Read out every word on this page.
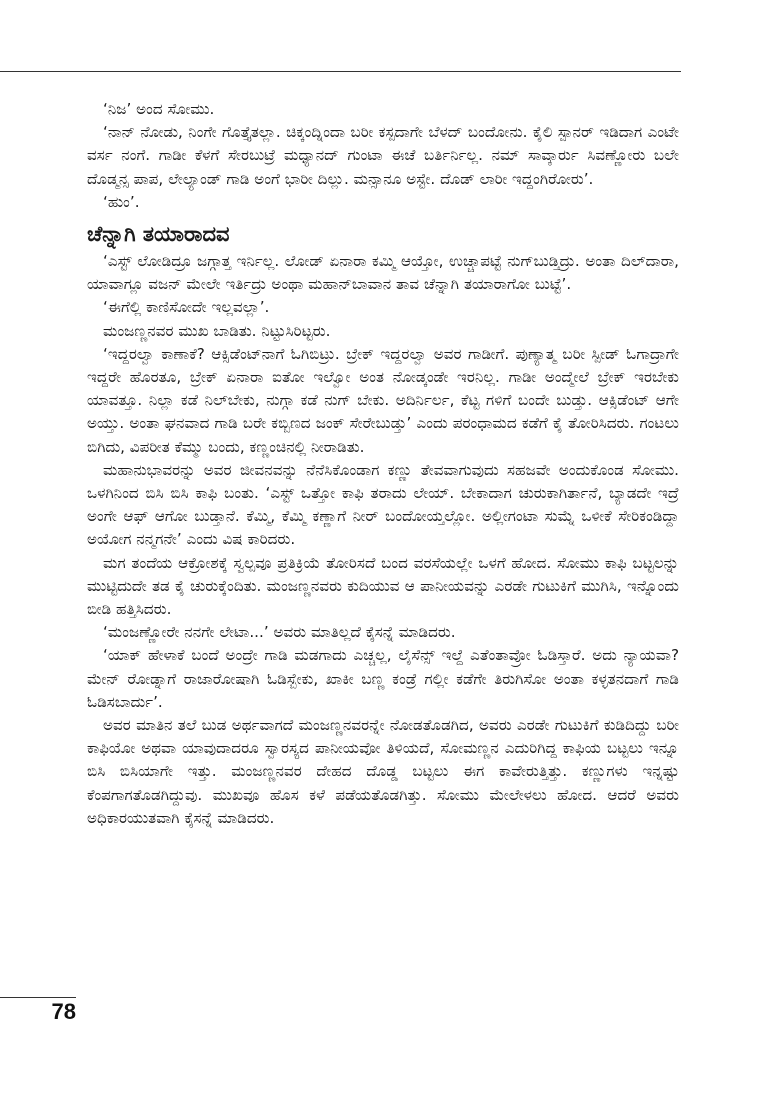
‘ನಿಜ’ ಅಂದ ಸೋಮು.

‘ನಾನ್ ನೋಡು, ನಿಂಗೇ ಗೊತ್ತೈತಲ್ಲಾ. ಚಿಕ್ಕಂದ್ನಿಂದಾ ಬರೀ ಕಸ್ಪದಾಗೇ ಬೆಳದ್ ಬಂದೋನು. ಕೈಲಿ ಸ್ಪಾನರ್ ಇಡಿದಾಗ ಎಂಟೇ ವರ್ಸ ನಂಗೆ. ಗಾಡೀ ಕೆಳಗೆ ಸೇರಬುಟ್ರೆ ಮಧ್ಯಾನದ್ ಗುಂಟಾ ಈಚೆ ಬರ್ತಿರ್ನಿಲ್ಲ. ನಮ್ ಸಾವ್ಕಾರ್ರು ಸಿವಣ್ಣೋರು ಬಲೇ ದೊಡ್ಮನ್ಸ ಪಾಪ, ಲೇಲ್ಯಾಂಡ್ ಗಾಡಿ ಅಂಗೆ ಭಾರೀ ದಿಲ್ಲು. ಮನ್ಸಾನೂ ಅಸ್ಟೇ. ದೊಡ್ ಲಾರೀ ಇದ್ದಂಗಿರೋರು’.

‘ಹುಂ’.

ಚೆನ್ನಾಗಿ ತಯಾರಾದವ

‘ಎಸ್ಟ್ ಲೋಡಿದ್ರೂ ಜಗ್ಗಾತ್ತ ಇರ್ನಿಲ್ಲ. ಲೋಡ್ ಏನಾರಾ ಕಮ್ಮಿ ಆಯ್ತೋ, ಉಚ್ಚಾಪಟ್ಟೆ ನುಗ್‌ಬುಡ್ತಿದ್ರು. ಅಂತಾ ದಿಲ್‌ದಾರಾ, ಯಾವಾಗ್ಲೂ ವಜನ್ ಮೇಲೇ ಇರ್ತಿದ್ರು ಅಂಥಾ ಮಹಾನ್‌ಬಾವಾನ ತಾವ ಚೆನ್ನಾಗಿ ತಯಾರಾಗೋ ಬುಟ್ಟೆ’.

‘ಈಗೆಲ್ಲಿ ಕಾಣಿಸೋದೇ ಇಲ್ಲವಲ್ಲಾ’.

ಮಂಜಣ್ಣನವರ ಮುಖ ಬಾಡಿತು. ನಿಟ್ಟುಸಿರಿಟ್ಟರು.

‘ಇದ್ದರಲ್ವಾ ಕಾಣಾಕೆ? ಆಕ್ಸಿಡೆಂಟ್‌ನಾಗೆ ಓಗಿಬಿಟ್ರು. ಬ್ರೇಕ್ ಇದ್ದರಲ್ವಾ ಅವರ ಗಾಡೀಗೆ. ಪುಣ್ಯಾತ್ಮ ಬರೀ ಸ್ಪೀಡ್ ಓಗಾದ್ರಾಗೇ ಇದ್ದರೇ ಹೊರತೂ, ಬ್ರೇಕ್ ಏನಾರಾ ಐತೋ ಇಲ್ವೋ ಅಂತ ನೋಡ್ಕಂಡೇ ಇರನಿಲ್ಲ. ಗಾಡೀ ಅಂದ್ಮೇಲೆ ಬ್ರೇಕ್ ಇರಬೇಕು ಯಾವತ್ತೂ. ನಿಲ್ಲಾ ಕಡೆ ನಿಲ್‌ಬೇಕು, ನುಗ್ಗಾ ಕಡೆ ನುಗ್ ಬೇಕು. ಅದಿರ್ನಿರ್ಲ, ಕೆಟ್ಟ ಗಳಿಗೆ ಬಂದೇ ಬುಡ್ತು. ಆಕ್ಸಿಡೆಂಟ್ ಆಗೇ ಅಯ್ತು. ಅಂತಾ ಘನವಾದ ಗಾಡಿ ಬರೇ ಕಬ್ಬಿಣದ ಜಂಕ್ ಸೇರೇಬುಡ್ತು’ ಎಂದು ಪರಂಧಾಮದ ಕಡೆಗೆ ಕೈ ತೋರಿಸಿದರು. ಗಂಟಲು ಬಿಗಿದು, ವಿಪರೀತ ಕೆಮ್ಮು ಬಂದು, ಕಣ್ಣಂಚಿನಲ್ಲಿ ನೀರಾಡಿತು.

ಮಹಾನುಭಾವರನ್ನು ಅವರ ಜೀವನವನ್ನು ನೆನೆಸಿಕೊಂಡಾಗ ಕಣ್ಣು ತೇವವಾಗುವುದು ಸಹಜವೇ ಅಂದುಕೊಂಡ ಸೋಮು. ಒಳಗಿನಿಂದ ಬಿಸಿ ಬಿಸಿ ಕಾಫಿ ಬಂತು. ‘ಎಸ್ಟ್ ಒತ್ತೋ ಕಾಫಿ ತರಾದು ಲೇಯ್. ಬೇಕಾದಾಗ ಚುರುಕಾಗಿರ್ತಾನೆ, ಬ್ಯಾಡದೇ ಇದ್ರೆ ಅಂಗೇ ಆಫ್ ಆಗೋ ಬುಡ್ತಾನೆ. ಕೆಮ್ಮಿ, ಕೆಮ್ಮಿ ಕಣ್ಣಾಗೆ ನೀರ್ ಬಂದೋಯ್ತಲ್ಲೋ. ಅಲ್ಲೀಗಂಟಾ ಸುಮ್ನೆ ಒಳೀಕೆ ಸೇರಿಕಂಡಿದ್ದಾ ಅಯೋಗ ನನ್ಮಗನೇ’ ಎಂದು ವಿಷ ಕಾರಿದರು.

ಮಗ ತಂದೆಯ ಆಕ್ರೋಶಕ್ಕೆ ಸ್ವಲ್ಪವೂ ಪ್ರತಿಕ್ರಿಯೆ ತೋರಿಸದೆ ಬಂದ ವರಸೆಯಲ್ಲೇ ಒಳಗೆ ಹೋದ. ಸೋಮು ಕಾಫಿ ಬಟ್ಟಲನ್ನು ಮುಟ್ಟಿದುದೇ ತಡ ಕೈ ಚುರುಕ್ಕೆಂದಿತು. ಮಂಜಣ್ಣನವರು ಕುದಿಯುವ ಆ ಪಾನೀಯವನ್ನು ಎರಡೇ ಗುಟುಕಿಗೆ ಮುಗಿಸಿ, ಇನ್ನೊಂದು ಬೀಡಿ ಹತ್ತಿಸಿದರು.

‘ಮಂಜಣ್ಣೋರೇ ನನಗೇ ಲೇಟಾ...’ ಅವರು ಮಾತಿಲ್ಲದೆ ಕೈಸನ್ನೆ ಮಾಡಿದರು.

‘ಯಾಕ್ ಹೇಳಾಕೆ ಬಂದೆ ಅಂದ್ರೇ ಗಾಡಿ ಮಡಗಾದು ಎಚ್ಚಲ್ಲ, ಲೈಸೆನ್ಸ್ ಇಲ್ದೆ ಎತೆಂತಾವ್ರೋ ಓಡಿಸ್ತಾರೆ. ಅದು ನ್ಯಾಯವಾ? ಮೇನ್ ರೋಡ್ನಾಗೆ ರಾಜಾರೋಷಾಗಿ ಓಡಿಸ್ಬೇಕು, ಖಾಕೀ ಬಣ್ಣ ಕಂಡ್ರೆ ಗಲ್ಲೀ ಕಡೆಗೇ ತಿರುಗಿಸೋ ಅಂತಾ ಕಳ್ಳತನದಾಗೆ ಗಾಡಿ ಓಡಿಸಬಾರ್ದು’.

ಅವರ ಮಾತಿನ ತಲೆ ಬುಡ ಅರ್ಥವಾಗದೆ ಮಂಜಣ್ಣನವರನ್ನೇ ನೋಡತೊಡಗಿದ, ಅವರು ಎರಡೇ ಗುಟುಕಿಗೆ ಕುಡಿದಿದ್ದು ಬರೀ ಕಾಫಿಯೋ ಅಥವಾ ಯಾವುದಾದರೂ ಸ್ವಾರಸ್ಯದ ಪಾನೀಯವೋ ತಿಳಿಯದೆ, ಸೋಮಣ್ಣನ ಎದುರಿಗಿದ್ದ ಕಾಫಿಯ ಬಟ್ಟಲು ಇನ್ನೂ ಬಿಸಿ ಬಿಸಿಯಾಗೇ ಇತ್ತು. ಮಂಜಣ್ಣನವರ ದೇಹದ ದೊಡ್ಡ ಬಟ್ಟಲು ಈಗ ಕಾವೇರುತ್ತಿತ್ತು. ಕಣ್ಣುಗಳು ಇನ್ನಷ್ಟು ಕೆಂಪಗಾಗತೊಡಗಿದ್ದುವು. ಮುಖವೂ ಹೊಸ ಕಳೆ ಪಡೆಯತೊಡಗಿತ್ತು. ಸೋಮು ಮೇಲೇಳಲು ಹೋದ. ಆದರೆ ಅವರು ಅಧಿಕಾರಯುತವಾಗಿ ಕೈಸನ್ನೆ ಮಾಡಿದರು.

78
